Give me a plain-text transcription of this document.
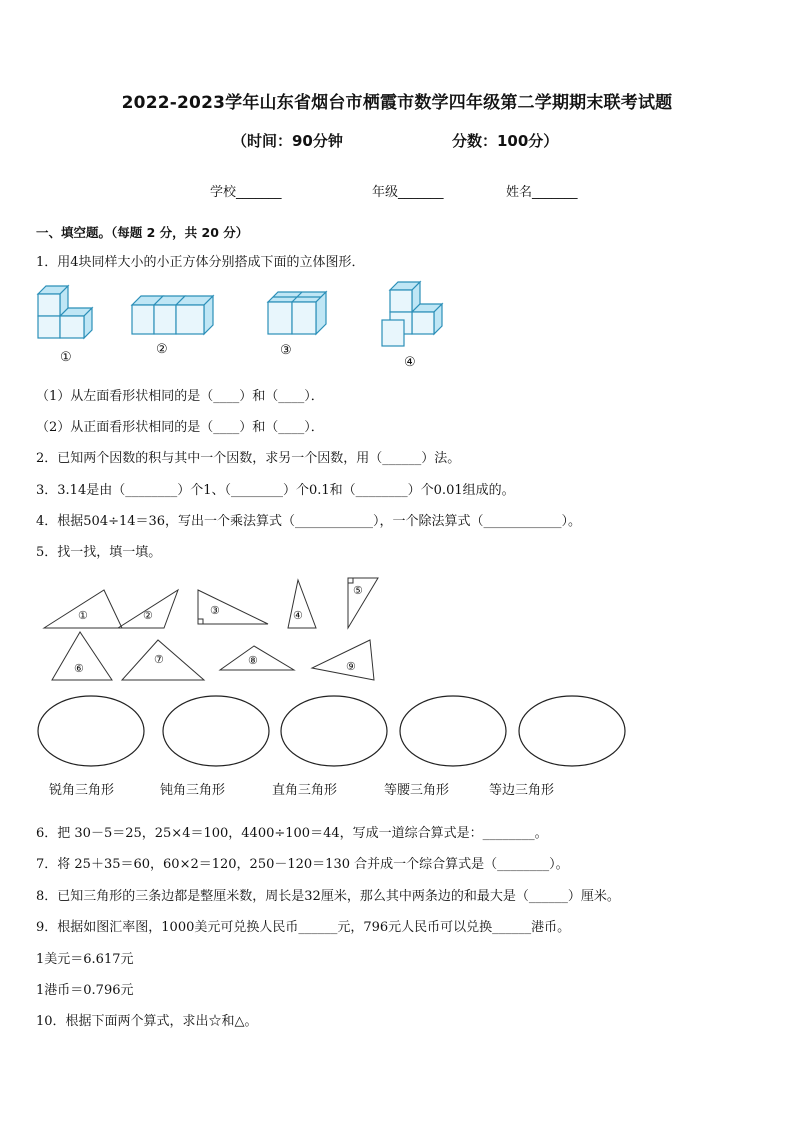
2022-2023学年山东省烟台市栖霞市数学四年级第二学期期末联考试题
（时间：90分钟	分数：100分）
学校_______	年级_______	姓名_______
一、填空题。（每题 2 分，共 20 分）
1．用4块同样大小的小正方体分别搭成下面的立体图形．
①
②	③
④
（1）从左面看形状相同的是（____）和（____）．
（2）从正面看形状相同的是（____）和（____）．
2．已知两个因数的积与其中一个因数，求另一个因数，用（______）法。
3．3.14是由（________）个1、（________）个0.1和（________）个0.01组成的。
4．根据504÷14＝36，写出一个乘法算式（____________），一个除法算式（____________）。
5．找一找，填一填。
①	②	③	④
⑤
⑥
⑦	⑧	⑨
锐角三角形	钝角三角形	直角三角形	等腰三角形	等边三角形
6．把 30－5＝25，25×4＝100，4400÷100＝44，写成一道综合算式是：________。
7．将 25＋35＝60，60×2＝120，250－120＝130 合并成一个综合算式是（________）。
8．已知三角形的三条边都是整厘米数，周长是32厘米，那么其中两条边的和最大是（______）厘米。
9．根据如图汇率图，1000美元可兑换人民币______元，796元人民币可以兑换______港币。
1美元＝6.617元
1港币＝0.796元
10．根据下面两个算式，求出☆和△。
